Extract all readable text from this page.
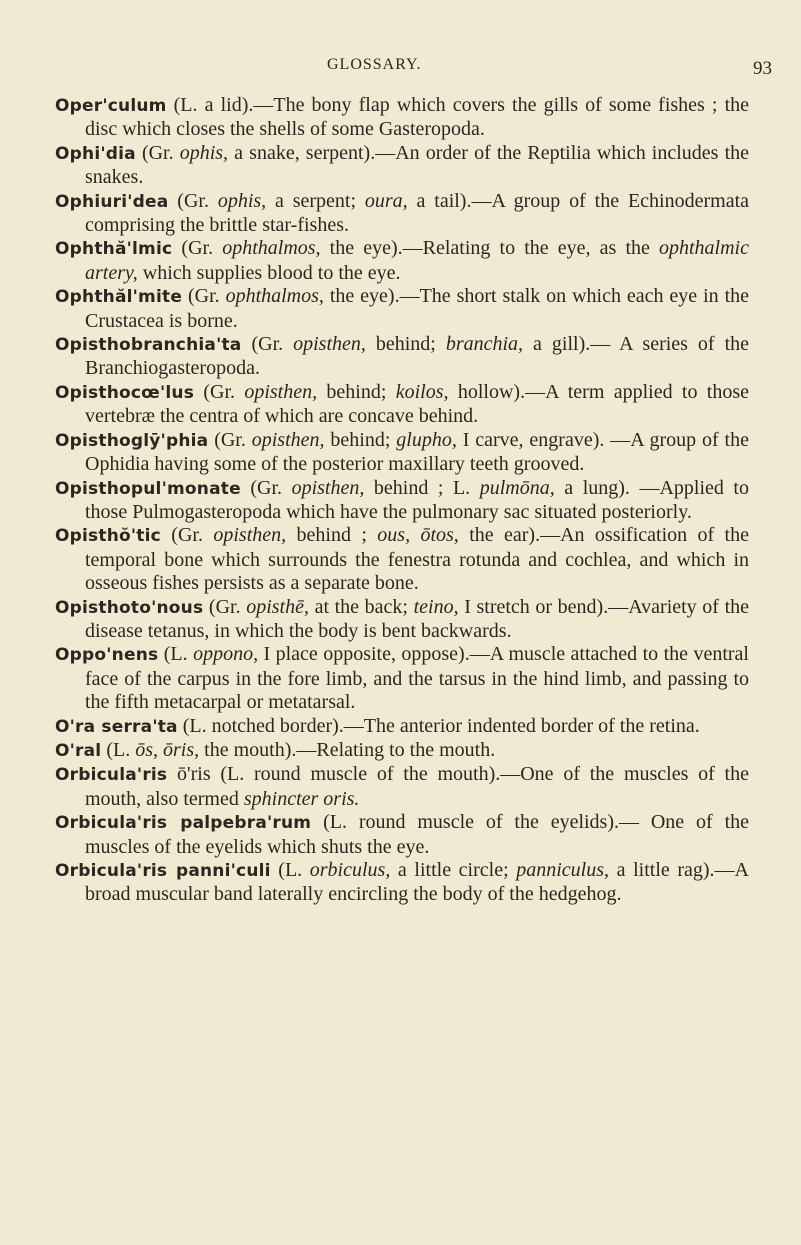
GLOSSARY.	93

Oper'culum (L. a lid).—The bony flap which covers the gills of some fishes ; the disc which closes the shells of some Gasteropoda.

Ophi'dia (Gr. ophis, a snake, serpent).—An order of the Reptilia which includes the snakes.

Ophiuri'dea (Gr. ophis, a serpent; oura, a tail).—A group of the Echinodermata comprising the brittle star-fishes.

Ophthă'lmic (Gr. ophthalmos, the eye).—Relating to the eye, as the ophthalmic artery, which supplies blood to the eye.

Ophthăl'mite (Gr. ophthalmos, the eye).—The short stalk on which each eye in the Crustacea is borne.

Opisthobranchia'ta (Gr. opisthen, behind; branchia, a gill).— A series of the Branchiogasteropoda.

Opisthocœ'lus (Gr. opisthen, behind; koilos, hollow).—A term applied to those vertebræ the centra of which are concave behind.

Opisthoglȳ'phia (Gr. opisthen, behind; glupho, I carve, engrave). —A group of the Ophidia having some of the posterior maxillary teeth grooved.

Opisthopul'monate (Gr. opisthen, behind ; L. pulmōna, a lung). —Applied to those Pulmogasteropoda which have the pulmonary sac situated posteriorly.

Opisthŏ'tic (Gr. opisthen, behind ; ous, ōtos, the ear).—An ossification of the temporal bone which surrounds the fenestra rotunda and cochlea, and which in osseous fishes persists as a separate bone.

Opisthoto'nous (Gr. opisthē, at the back; teino, I stretch or bend).—Avariety of the disease tetanus, in which the body is bent backwards.

Oppo'nens (L. oppono, I place opposite, oppose).—A muscle attached to the ventral face of the carpus in the fore limb, and the tarsus in the hind limb, and passing to the fifth metacarpal or metatarsal.

O'ra serra'ta (L. notched border).—The anterior indented border of the retina.

O'ral (L. ōs, ōris, the mouth).—Relating to the mouth.

Orbicula'ris ō'ris (L. round muscle of the mouth).—One of the muscles of the mouth, also termed sphincter oris.

Orbicula'ris palpebra'rum (L. round muscle of the eyelids).— One of the muscles of the eyelids which shuts the eye.

Orbicula'ris panni'culi (L. orbiculus, a little circle; panniculus, a little rag).—A broad muscular band laterally encircling the body of the hedgehog.
